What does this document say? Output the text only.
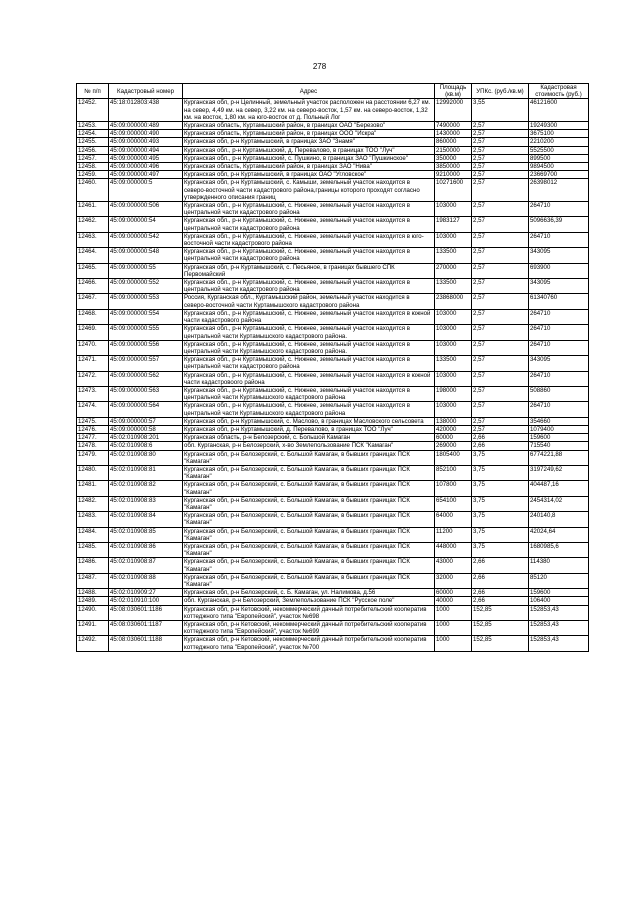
278
№ п/п	Кадастровый номер	Адрес	Площадь (кв.м)	УПКс. (руб./кв.м)	Кадастровая стоимость (руб.)
12452.	45:18:012803:438	Курганская обл, р-н Целинный, земельный участок расположен на расстоянии 6,27 км. на север, 4,49 км. на север, 3,22 км. на северо-восток, 1,57 км. на северо-восток, 1,32 км. на восток, 1,80 км. на юго-восток от д. Польный Лог	12992000	3,55	46121600
12453.	45:09:000000:489	Курганская область, Куртамышский район, в границах ОАО "Березово"	7490000	2,57	19249300
12454.	45:09:000000:490	Курганская область, Куртамышский район, в границах ООО "Искра"	1430000	2,57	3675100
12455.	45:09:000000:493	Курганская обл, р-н Куртамышский, в границах ЗАО "Знамя"	860000	2,57	2210200
12456.	45:09:000000:494	Курганская обл., р-н Куртамышский, д. Перевалово, в границах ТОО "Луч"	2150000	2,57	5525500
12457.	45:09:000000:495	Курганская обл., р-н Куртамышский, с. Пушкино, в границах ЗАО "Пушкинское"	350000	2,57	899500
12458.	45:09:000000:496	Курганская область, Куртамышский район, в границах ЗАО "Нива"	3850000	2,57	9894500
12459.	45:09:000000:497	Курганская обл, р-н Куртамышский, в границах ОАО "Угловское"	9210000	2,57	23669700
12460.	45:09:000000:5	Курганская обл, р-н Куртамышский, с. Камыши, земельный участок находится в северо-восточной части кадастрового района,границы которого проходят согласно утвержденного описания границ	10271600	2,57	26398012
12461.	45:09:000000:506	Курганская обл., р-н Куртамышский, с. Нижнее, земельный участок находится в центральной части кадастрового района	103000	2,57	264710
12462.	45:09:000000:54	Курганская обл., р-н Куртамышский, с. Нижнее, земельный участок находится в центральной части кадастрового района	1983127	2,57	5096636,39
12463.	45:09:000000:542	Курганская обл., р-н Куртамышский, с. Нижнее, земельный участок находится в юго-восточной части кадастрового района	103000	2,57	264710
12464.	45:09:000000:548	Курганская обл., р-н Куртамышский, с. Нижнее, земельный участок находится в центральной части кадастрового района	133500	2,57	343095
12465.	45:09:000000:55	Курганская обл, р-н Куртамышский, с. Песьяное, в границах бывшего СПК Первомайский	270000	2,57	693900
12466.	45:09:000000:552	Курганская обл., р-н Куртамышский, с. Нижнее, земельный участок находится в центральной части кадастрового района	133500	2,57	343095
12467.	45:09:000000:553	Россия, Курганская обл., Куртамышский район, земельный участок находится в северо-восточной части Куртамышского кадастрового района	23868000	2,57	61340760
12468.	45:09:000000:554	Курганская обл., р-н Куртамышский, с. Нижнее, земельный участок находится в южной части кадастрового района	103000	2,57	264710
12469.	45:09:000000:555	Курганская обл., р-н Куртамышский, с. Нижнее, земельный участок находится в центральной части Куртамышского кадастрового района.	103000	2,57	264710
12470.	45:09:000000:556	Курганская обл., р-н Куртамышский, с. Нижнее, земельный участок находится в центральной части Куртамышского кадастрового района.	103000	2,57	264710
12471.	45:09:000000:557	Курганская обл., р-н Куртамышский, с. Нижнее, земельный участок находится в центральной части кадастрового района	133500	2,57	343095
12472.	45:09:000000:562	Курганская обл., р-н Куртамышский, с. Нижнее, земельный участок находится в южной части кадастровоого района	103000	2,57	264710
12473.	45:09:000000:563	Курганская обл., р-н Куртамышский, с. Нижнее, земельный участок находится в центральной части Куртамышского кадастрового района	198000	2,57	508860
12474.	45:09:000000:564	Курганская обл., р-н Куртамышский, с. Нижнее, земельный участок находится в центральной части Куртамышского кадастрового района	103000	2,57	264710
12475.	45:09:000000:57	Курганская обл, р-н Куртамышский, с. Маслово, в границах Масловского сельсовета	138000	2,57	354660
12476.	45:09:000000:58	Курганская обл, р-н Куртамышский, д. Перевалово, в границах ТОО "Луч"	420000	2,57	1079400
12477.	45:02:010908:201	Курганская область, р-н Белозерский, с. Большой Камаган	60000	2,66	159600
12478.	45:02:010908:6	обл. Курганская, р-н Белозерский, х-во Землепользование ПСК "Камаган"	269000	2,66	715540
12479.	45:02:010908:80	Курганская обл, р-н Белозерский, с. Большой Камаган, в бывших границах ПСК "Камаган"	1805400	3,75	6774221,88
12480.	45:02:010908:81	Курганская обл, р-н Белозерский, с. Большой Камаган, в бывших границах ПСК "Камаган"	852100	3,75	3197249,62
12481.	45:02:010908:82	Курганская обл, р-н Белозерский, с. Большой Камаган, в бывших границах ПСК "Камаган"	107800	3,75	404487,16
12482.	45:02:010908:83	Курганская обл, р-н Белозерский, с. Большой Камаган, в бывших границах ПСК "Камаган"	654100	3,75	2454314,02
12483.	45:02:010908:84	Курганская обл, р-н Белозерский, с. Большой Камаган, в бывших границах ПСК "Камаган"	64000	3,75	240140,8
12484.	45:02:010908:85	Курганская обл, р-н Белозерский, с. Большой Камаган, в бывших границах ПСК "Камаган"	11200	3,75	42024,64
12485.	45:02:010908:86	Курганская обл, р-н Белозерский, с. Большой Камаган, в бывших границах ПСК "Камаган"	448000	3,75	1680985,6
12486.	45:02:010908:87	Курганская обл, р-н Белозерский, с. Большой Камаган, в бывших границах ПСК "Камаган"	43000	2,66	114380
12487.	45:02:010908:88	Курганская обл, р-н Белозерский, с. Большой Камаган, в бывших границах ПСК "Камаган"	32000	2,66	85120
12488.	45:02:010909:27	Курганская обл, р-н Белозерский, с. Б. Камаган, ул. Налимова, д.56	60000	2,66	159600
12489.	45:02:010910:100	обл. Курганская, р-н Белозерский, Землепользование ПСК "Русское поле"	40000	2,66	106400
12490.	45:08:030601:1186	Курганская обл, р-н Кетовский, некоммерческий дачный потребительский кооператив коттеджного типа "Европейский", участок №698	1000	152,85	152853,43
12491.	45:08:030601:1187	Курганская обл, р-н Кетовский, некоммерческий дачный потребительский кооператив коттеджного типа "Европейский", участок №699	1000	152,85	152853,43
12492.	45:08:030601:1188	Курганская обл, р-н Кетовский, некоммерческий дачный потребительский кооператив коттеджного типа "Европейский", участок №700	1000	152,85	152853,43
